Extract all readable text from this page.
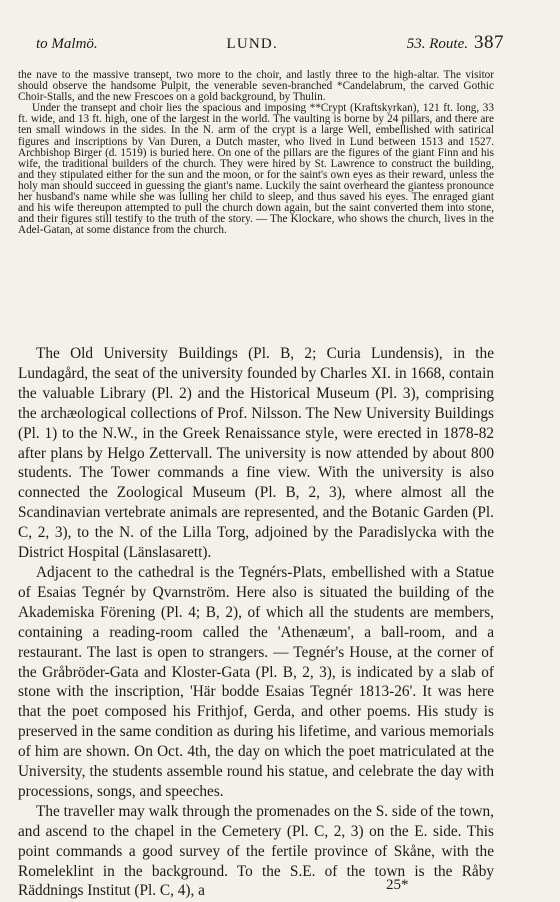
to Malmö.	LUND.	53. Route. 387

the nave to the massive transept, two more to the choir, and lastly three to the high-altar. The visitor should observe the handsome Pulpit, the venerable seven-branched *Candelabrum, the carved Gothic Choir-Stalls, and the new Frescoes on a gold background, by Thulin.

Under the transept and choir lies the spacious and imposing **Crypt (Kraftskyrkan), 121 ft. long, 33 ft. wide, and 13 ft. high, one of the largest in the world. The vaulting is borne by 24 pillars, and there are ten small windows in the sides. In the N. arm of the crypt is a large Well, embellished with satirical figures and inscriptions by Van Duren, a Dutch master, who lived in Lund between 1513 and 1527. Archbishop Birger (d. 1519) is buried here. On one of the pillars are the figures of the giant Finn and his wife, the traditional builders of the church. They were hired by St. Lawrence to construct the building, and they stipulated either for the sun and the moon, or for the saint's own eyes as their reward, unless the holy man should succeed in guessing the giant's name. Luckily the saint overheard the giantess pronounce her husband's name while she was lulling her child to sleep, and thus saved his eyes. The enraged giant and his wife thereupon attempted to pull the church down again, but the saint converted them into stone, and their figures still testify to the truth of the story. — The Klockare, who shows the church, lives in the Adel-Gatan, at some distance from the church.

The Old University Buildings (Pl. B, 2; Curia Lundensis), in the Lundagård, the seat of the university founded by Charles XI. in 1668, contain the valuable Library (Pl. 2) and the Historical Museum (Pl. 3), comprising the archæological collections of Prof. Nilsson. The New University Buildings (Pl. 1) to the N.W., in the Greek Renaissance style, were erected in 1878-82 after plans by Helgo Zettervall. The university is now attended by about 800 students. The Tower commands a fine view. With the university is also connected the Zoological Museum (Pl. B, 2, 3), where almost all the Scandinavian vertebrate animals are represented, and the Botanic Garden (Pl. C, 2, 3), to the N. of the Lilla Torg, adjoined by the Paradislycka with the District Hospital (Länslasarett).

Adjacent to the cathedral is the Tegnérs-Plats, embellished with a Statue of Esaias Tegnér by Qvarnström. Here also is situated the building of the Akademiska Förening (Pl. 4; B, 2), of which all the students are members, containing a reading-room called the 'Athenæum', a ball-room, and a restaurant. The last is open to strangers. — Tegnér's House, at the corner of the Gråbröder-Gata and Kloster-Gata (Pl. B, 2, 3), is indicated by a slab of stone with the inscription, 'Här bodde Esaias Tegnér 1813-26'. It was here that the poet composed his Frithjof, Gerda, and other poems. His study is preserved in the same condition as during his lifetime, and various memorials of him are shown. On Oct. 4th, the day on which the poet matriculated at the University, the students assemble round his statue, and celebrate the day with processions, songs, and speeches.

The traveller may walk through the promenades on the S. side of the town, and ascend to the chapel in the Cemetery (Pl. C, 2, 3) on the E. side. This point commands a good survey of the fertile province of Skåne, with the Romeleklint in the background. To the S.E. of the town is the Råby Räddnings Institut (Pl. C, 4), a	25*
